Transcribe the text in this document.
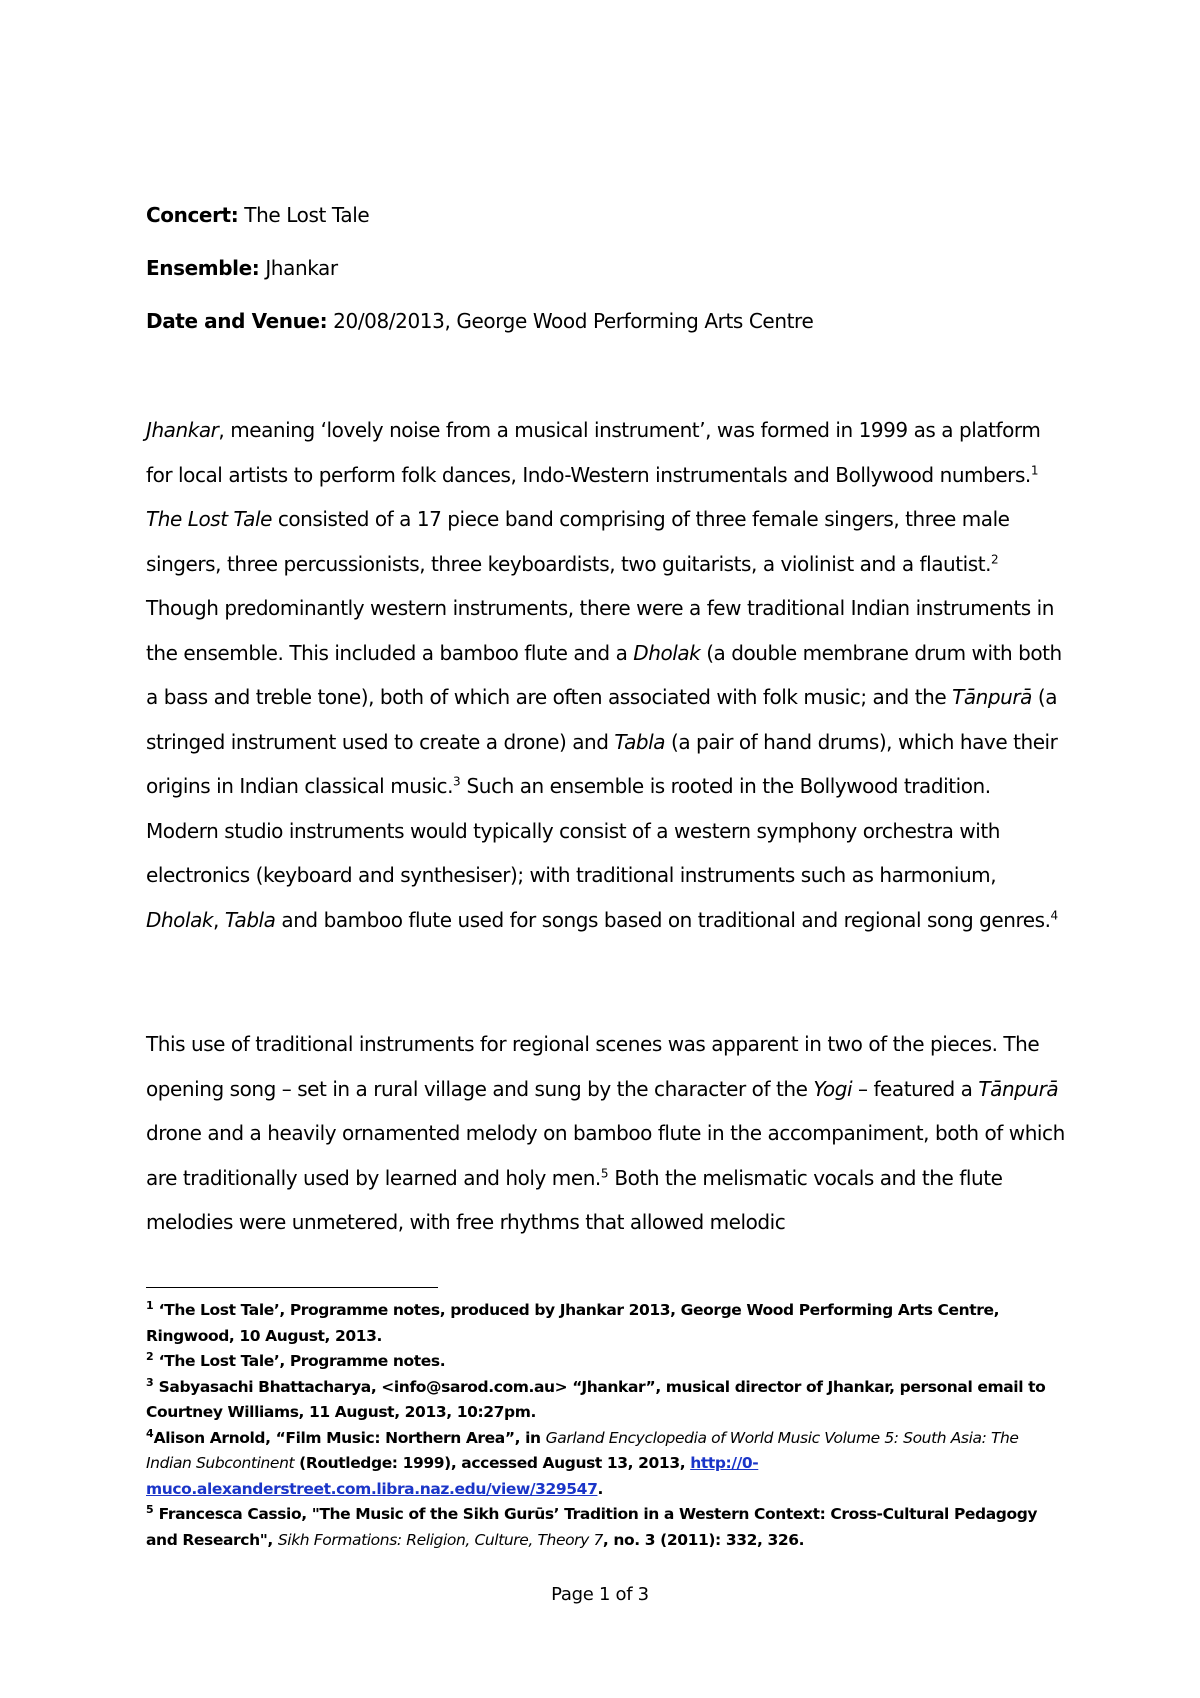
Concert: The Lost Tale
Ensemble: Jhankar
Date and Venue: 20/08/2013, George Wood Performing Arts Centre

Jhankar, meaning ‘lovely noise from a musical instrument’, was formed in 1999 as a platform for local artists to perform folk dances, Indo-Western instrumentals and Bollywood numbers.$^1$ The Lost Tale consisted of a 17 piece band comprising of three female singers, three male singers, three percussionists, three keyboardists, two guitarists, a violinist and a flautist.$^2$ Though predominantly western instruments, there were a few traditional Indian instruments in the ensemble. This included a bamboo flute and a Dholak (a double membrane drum with both a bass and treble tone), both of which are often associated with folk music; and the Tānpurā (a stringed instrument used to create a drone) and Tabla (a pair of hand drums), which have their origins in Indian classical music.$^3$ Such an ensemble is rooted in the Bollywood tradition. Modern studio instruments would typically consist of a western symphony orchestra with electronics (keyboard and synthesiser); with traditional instruments such as harmonium, Dholak, Tabla and bamboo flute used for songs based on traditional and regional song genres.$^4$

This use of traditional instruments for regional scenes was apparent in two of the pieces. The opening song – set in a rural village and sung by the character of the Yogi – featured a Tānpurā drone and a heavily ornamented melody on bamboo flute in the accompaniment, both of which are traditionally used by learned and holy men.$^5$ Both the melismatic vocals and the flute melodies were unmetered, with free rhythms that allowed melodic

$^1$ ‘The Lost Tale’, Programme notes, produced by Jhankar 2013, George Wood Performing Arts Centre, Ringwood, 10 August, 2013.

$^2$ ‘The Lost Tale’, Programme notes.

$^3$ Sabyasachi Bhattacharya, <info@sarod.com.au> “Jhankar”, musical director of Jhankar, personal email to Courtney Williams, 11 August, 2013, 10:27pm.

$^4$Alison Arnold, “Film Music: Northern Area”, in Garland Encyclopedia of World Music Volume 5: South Asia: The Indian Subcontinent (Routledge: 1999), accessed August 13, 2013, http://0-muco.alexanderstreet.com.libra.naz.edu/view/329547.

$^5$ Francesca Cassio, "The Music of the Sikh Gurūs’ Tradition in a Western Context: Cross-Cultural Pedagogy and Research", Sikh Formations: Religion, Culture, Theory 7, no. 3 (2011): 332, 326.

Page 1 of 3
